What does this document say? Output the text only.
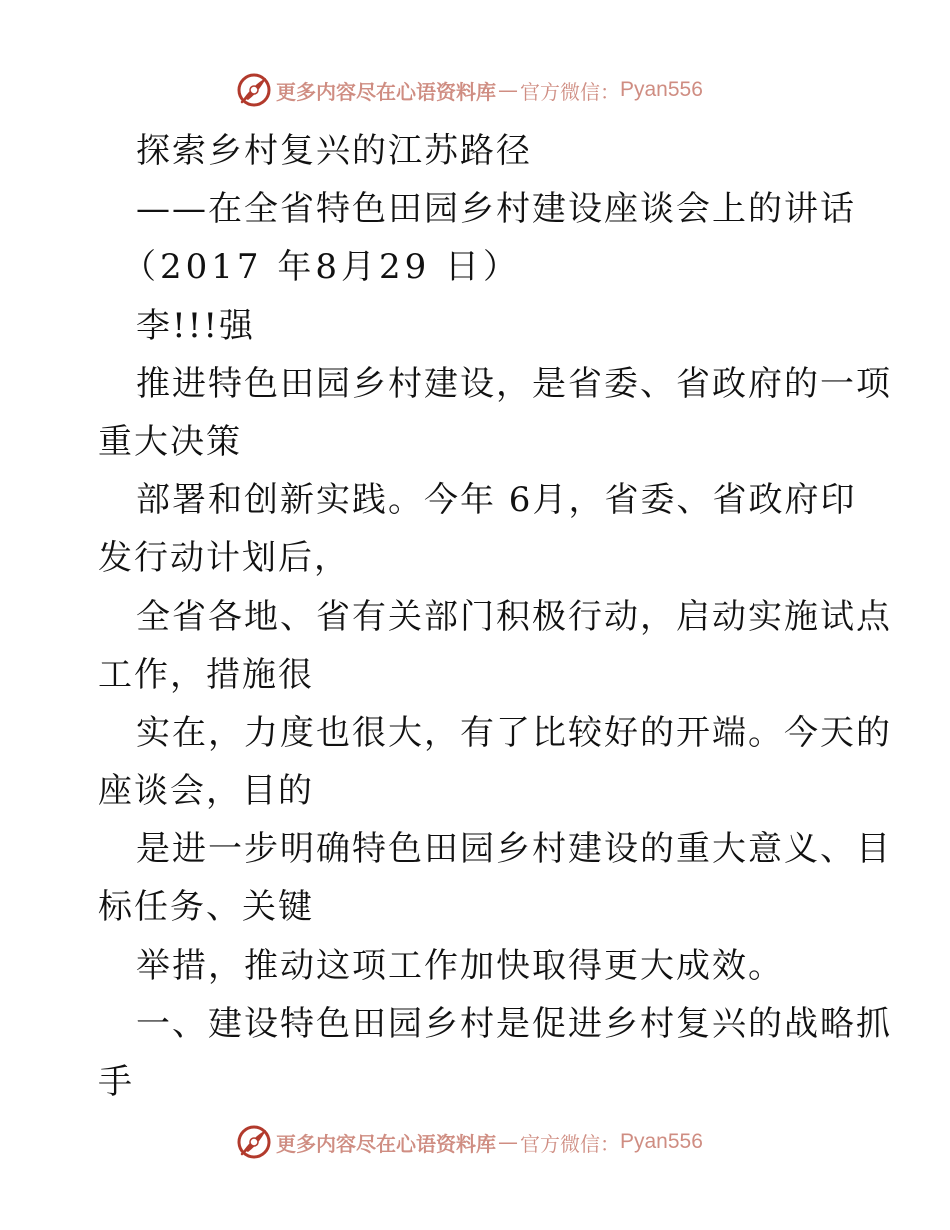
更多内容尽在心语资料库 — 官方微信： Pyan556
探索乡村复兴的江苏路径
——在全省特色田园乡村建设座谈会上的讲话
（2017 年8月29 日）
李!!!强
推进特色田园乡村建设，是省委、省政府的一项
重大决策
部署和创新实践。今年 6月，省委、省政府印
发行动计划后，
全省各地、省有关部门积极行动，启动实施试点
工作，措施很
实在，力度也很大，有了比较好的开端。今天的
座谈会，目的
是进一步明确特色田园乡村建设的重大意义、目
标任务、关键
举措，推动这项工作加快取得更大成效。
一、建设特色田园乡村是促进乡村复兴的战略抓
手
更多内容尽在心语资料库 — 官方微信： Pyan556
